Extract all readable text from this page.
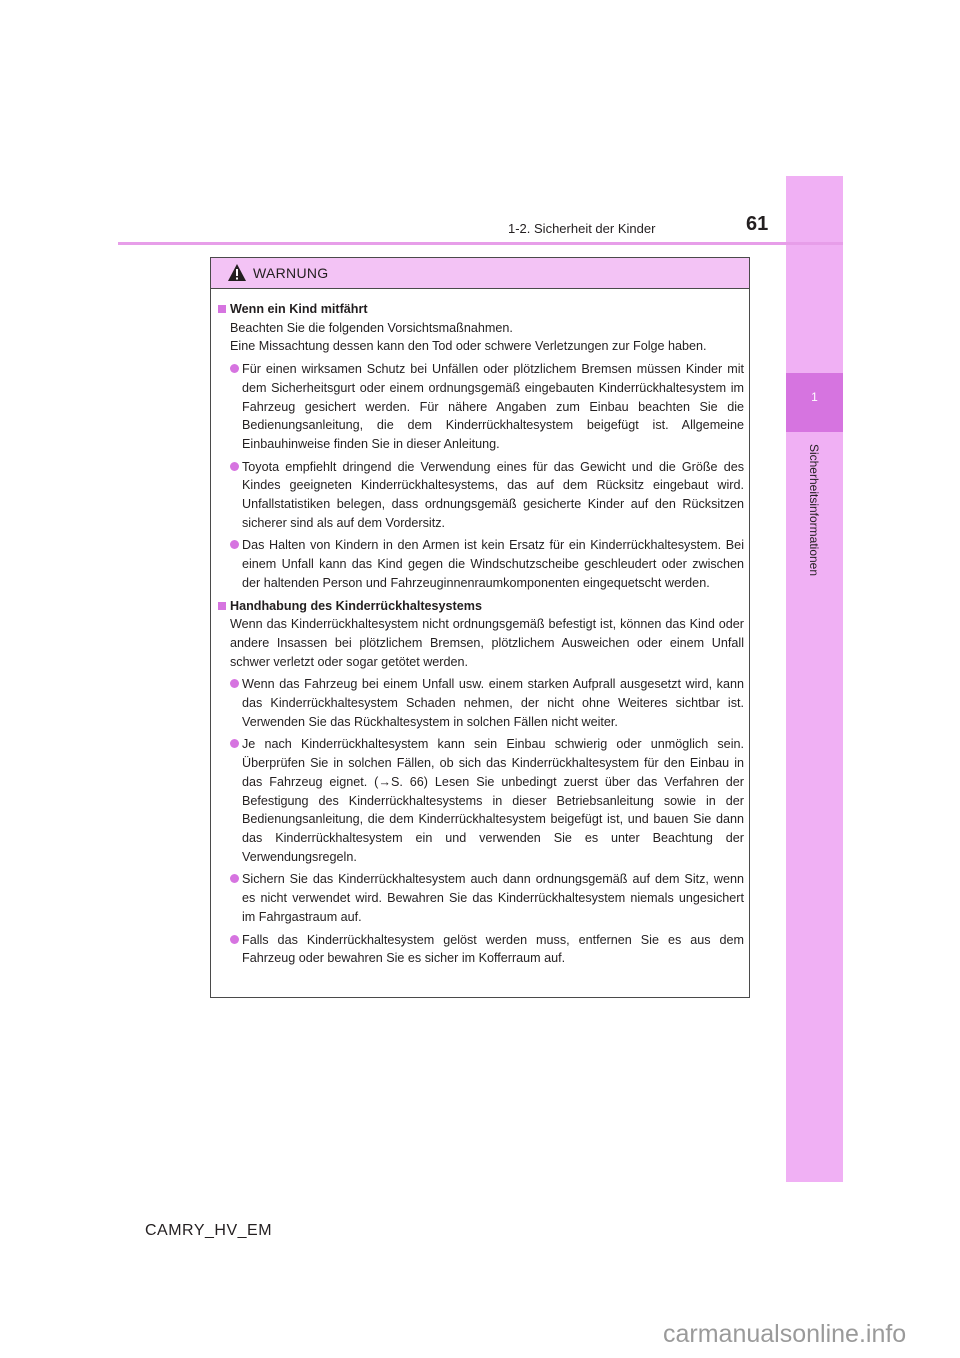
1
Sicherheitsinformationen
1-2. Sicherheit der Kinder	61
WARNUNG
Wenn ein Kind mitfährt
Beachten Sie die folgenden Vorsichtsmaßnahmen.
Eine Missachtung dessen kann den Tod oder schwere Verletzungen zur Folge haben.
Für einen wirksamen Schutz bei Unfällen oder plötzlichem Bremsen müssen Kinder mit dem Sicherheitsgurt oder einem ordnungsgemäß eingebauten Kinderrückhaltesystem im Fahrzeug gesichert werden. Für nähere Angaben zum Einbau beachten Sie die Bedienungsanleitung, die dem Kinderrückhaltesystem beigefügt ist. Allgemeine Einbauhinweise finden Sie in dieser Anleitung.
Toyota empfiehlt dringend die Verwendung eines für das Gewicht und die Größe des Kindes geeigneten Kinderrückhaltesystems, das auf dem Rücksitz eingebaut wird. Unfallstatistiken belegen, dass ordnungsgemäß gesicherte Kinder auf den Rücksitzen sicherer sind als auf dem Vordersitz.
Das Halten von Kindern in den Armen ist kein Ersatz für ein Kinderrückhaltesystem. Bei einem Unfall kann das Kind gegen die Windschutzscheibe geschleudert oder zwischen der haltenden Person und Fahrzeuginnenraumkomponenten eingequetscht werden.
Handhabung des Kinderrückhaltesystems
Wenn das Kinderrückhaltesystem nicht ordnungsgemäß befestigt ist, können das Kind oder andere Insassen bei plötzlichem Bremsen, plötzlichem Ausweichen oder einem Unfall schwer verletzt oder sogar getötet werden.
Wenn das Fahrzeug bei einem Unfall usw. einem starken Aufprall ausgesetzt wird, kann das Kinderrückhaltesystem Schaden nehmen, der nicht ohne Weiteres sichtbar ist. Verwenden Sie das Rückhaltesystem in solchen Fällen nicht weiter.
Je nach Kinderrückhaltesystem kann sein Einbau schwierig oder unmöglich sein. Überprüfen Sie in solchen Fällen, ob sich das Kinderrückhaltesystem für den Einbau in das Fahrzeug eignet. (→S. 66) Lesen Sie unbedingt zuerst über das Verfahren der Befestigung des Kinderrückhaltesystems in dieser Betriebsanleitung sowie in der Bedienungsanleitung, die dem Kinderrückhaltesystem beigefügt ist, und bauen Sie dann das Kinderrückhaltesystem ein und verwenden Sie es unter Beachtung der Verwendungsregeln.
Sichern Sie das Kinderrückhaltesystem auch dann ordnungsgemäß auf dem Sitz, wenn es nicht verwendet wird. Bewahren Sie das Kinderrückhaltesystem niemals ungesichert im Fahrgastraum auf.
Falls das Kinderrückhaltesystem gelöst werden muss, entfernen Sie es aus dem Fahrzeug oder bewahren Sie es sicher im Kofferraum auf.
CAMRY_HV_EM
carmanualsonline.info
